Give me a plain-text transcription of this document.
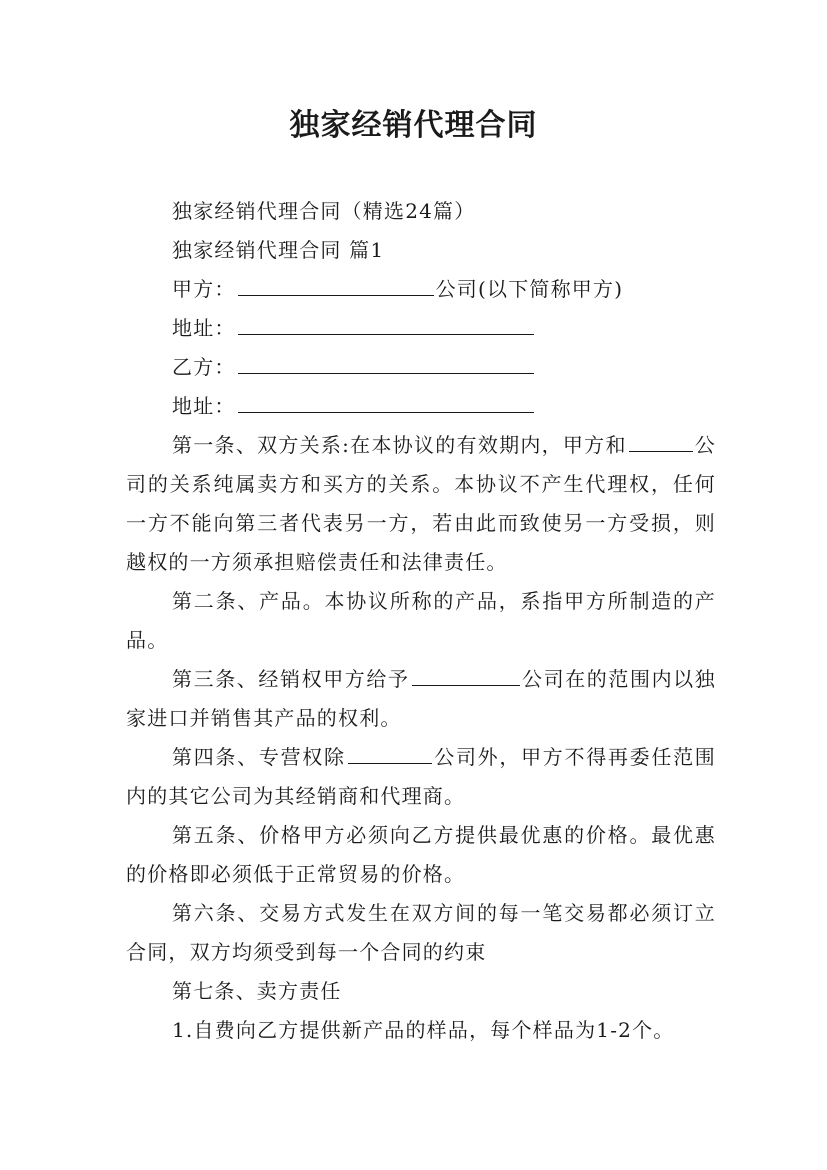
独家经销代理合同

独家经销代理合同（精选24篇）

独家经销代理合同 篇1

甲方：	公司(以下简称甲方)

地址：

乙方：

地址：

第一条、双方关系:在本协议的有效期内，甲方和	公司的关系纯属卖方和买方的关系。本协议不产生代理权，任何一方不能向第三者代表另一方，若由此而致使另一方受损，则越权的一方须承担赔偿责任和法律责任。

第二条、产品。本协议所称的产品，系指甲方所制造的产品。

第三条、经销权甲方给予	公司在的范围内以独家进口并销售其产品的权利。

第四条、专营权除	公司外，甲方不得再委任范围内的其它公司为其经销商和代理商。

第五条、价格甲方必须向乙方提供最优惠的价格。最优惠的价格即必须低于正常贸易的价格。

第六条、交易方式发生在双方间的每一笔交易都必须订立合同，双方均须受到每一个合同的约束

第七条、卖方责任

1.自费向乙方提供新产品的样品，每个样品为1-2个。
